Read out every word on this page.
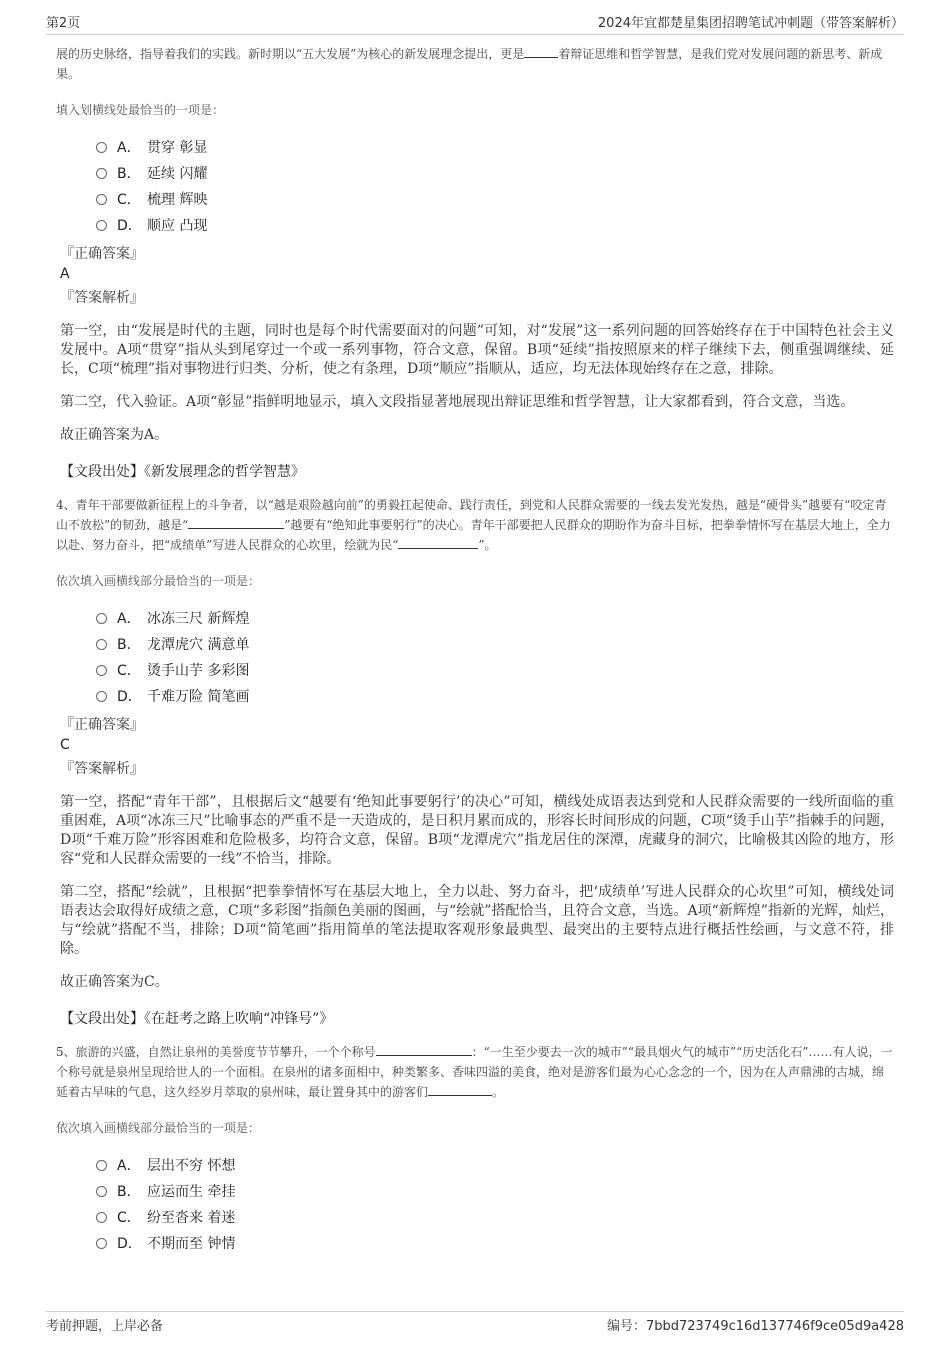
第2页	2024年宜都楚星集团招聘笔试冲刺题（带答案解析）

展的历史脉络，指导着我们的实践。新时期以“五大发展”为核心的新发展理念提出，更是	着辩证思维和哲学智慧，是我们党对发展问题的新思考、新成果。

填入划横线处最恰当的一项是：

A． 贯穿 彰显
B． 延续 闪耀
C． 梳理 辉映
D． 顺应 凸现
『正确答案』
A
『答案解析』

第一空，由“发展是时代的主题，同时也是每个时代需要面对的问题”可知，对“发展”这一系列问题的回答始终存在于中国特色社会主义发展中。A项“贯穿”指从头到尾穿过一个或一系列事物，符合文意，保留。B项“延续”指按照原来的样子继续下去，侧重强调继续、延长，C项“梳理”指对事物进行归类、分析，使之有条理，D项“顺应”指顺从，适应，均无法体现始终存在之意，排除。

第二空，代入验证。A项“彰显”指鲜明地显示，填入文段指显著地展现出辩证思维和哲学智慧，让大家都看到，符合文意，当选。

故正确答案为A。

【文段出处】《新发展理念的哲学智慧》

4、青年干部要做新征程上的斗争者，以“越是艰险越向前”的勇毅扛起使命、践行责任，到党和人民群众需要的一线去发光发热，越是“硬骨头”越要有“咬定青山不放松”的韧劲，越是“	”越要有“绝知此事要躬行”的决心。青年干部要把人民群众的期盼作为奋斗目标，把拳拳情怀写在基层大地上，全力以赴、努力奋斗，把“成绩单”写进人民群众的心坎里，绘就为民“	”。

依次填入画横线部分最恰当的一项是：

A． 冰冻三尺 新辉煌
B． 龙潭虎穴 满意单
C． 烫手山芋 多彩图
D． 千难万险 简笔画
『正确答案』
C
『答案解析』

第一空，搭配“青年干部”，且根据后文“越要有‘绝知此事要躬行’的决心”可知，横线处成语表达到党和人民群众需要的一线所面临的重重困难，A项“冰冻三尺”比喻事态的严重不是一天造成的，是日积月累而成的，形容长时间形成的问题，C项“烫手山芋”指棘手的问题，D项“千难万险”形容困难和危险极多，均符合文意，保留。B项“龙潭虎穴”指龙居住的深潭，虎藏身的洞穴，比喻极其凶险的地方，形容“党和人民群众需要的一线”不恰当，排除。

第二空，搭配“绘就”，且根据“把拳拳情怀写在基层大地上，全力以赴、努力奋斗，把‘成绩单’写进人民群众的心坎里”可知，横线处词语表达会取得好成绩之意，C项“多彩图”指颜色美丽的图画，与“绘就”搭配恰当，且符合文意，当选。A项“新辉煌”指新的光辉，灿烂，与“绘就”搭配不当，排除；D项“简笔画”指用简单的笔法提取客观形象最典型、最突出的主要特点进行概括性绘画，与文意不符，排除。

故正确答案为C。

【文段出处】《在赶考之路上吹响“冲锋号”》

5、旅游的兴盛，自然让泉州的美誉度节节攀升，一个个称号	：“一生至少要去一次的城市”“最具烟火气的城市”“历史活化石”……有人说，一个称号就是泉州呈现给世人的一个面相。在泉州的诸多面相中，种类繁多、香味四溢的美食，绝对是游客们最为心心念念的一个，因为在人声鼎沸的古城，绵延着古早味的气息，这久经岁月萃取的泉州味，最让置身其中的游客们	。

依次填入画横线部分最恰当的一项是：

A． 层出不穷 怀想
B． 应运而生 牵挂
C． 纷至沓来 着迷
D． 不期而至 钟情
考前押题，上岸必备	编号：7bbd723749c16d137746f9ce05d9a428
